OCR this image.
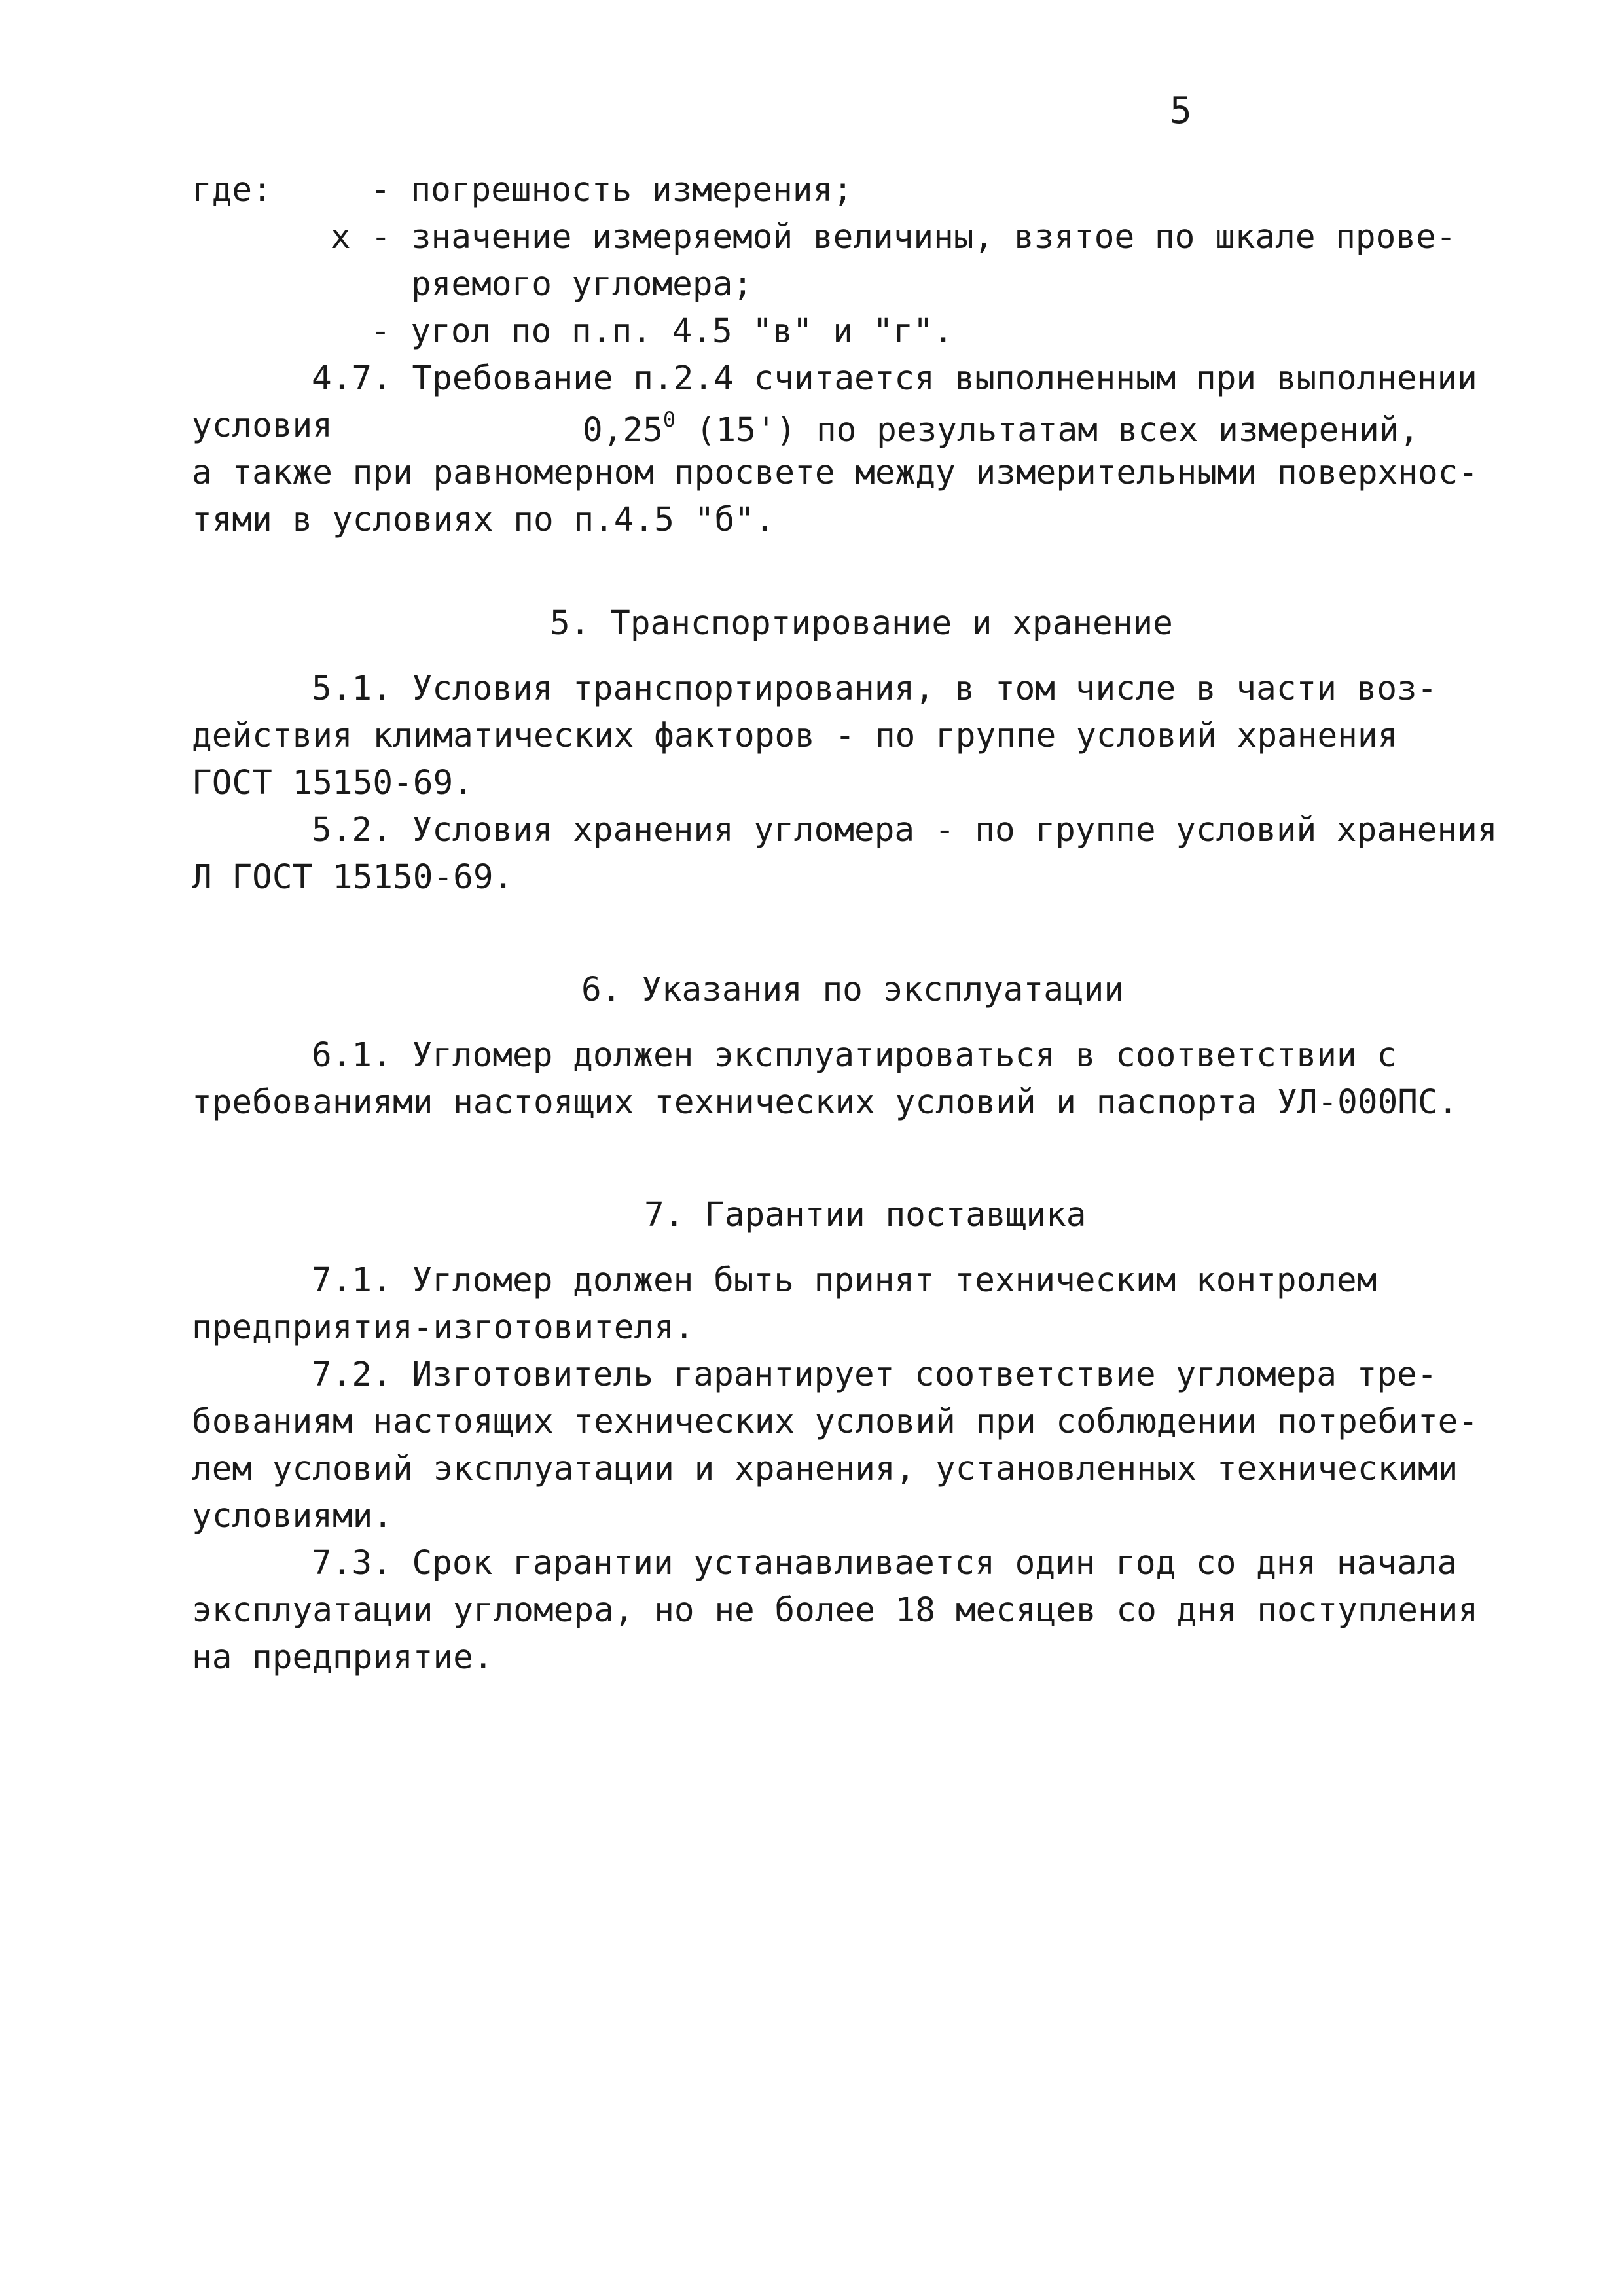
5
где:	- погрешность измерения;
x - значение измеряемой величины, взятое по шкале прове-
ряемого угломера;
- угол по п.п. 4.5 "в" и "г".
4.7. Требование п.2.4 считается выполненным при выполнении
условия	0,25$^0$ (15') по результатам всех измерений,
а также при равномерном просвете между измерительными поверхнос-
тями в условиях по п.4.5 "б".
5. Транспортирование и хранение
5.1. Условия транспортирования, в том числе в части воз-
действия климатических факторов - по группе условий хранения
ГОСТ 15150-69.
5.2. Условия хранения угломера - по группе условий хранения
Л ГОСТ 15150-69.
6. Указания по эксплуатации
6.1. Угломер должен эксплуатироваться в соответствии с
требованиями настоящих технических условий и паспорта УЛ-000ПС.
7. Гарантии поставщика
7.1. Угломер должен быть принят техническим контролем
предприятия-изготовителя.
7.2. Изготовитель гарантирует соответствие угломера тре-
бованиям настоящих технических условий при соблюдении потребите-
лем условий эксплуатации и хранения, установленных техническими
условиями.
7.3. Срок гарантии устанавливается один год со дня начала
эксплуатации угломера, но не более 18 месяцев со дня поступления
на предприятие.
